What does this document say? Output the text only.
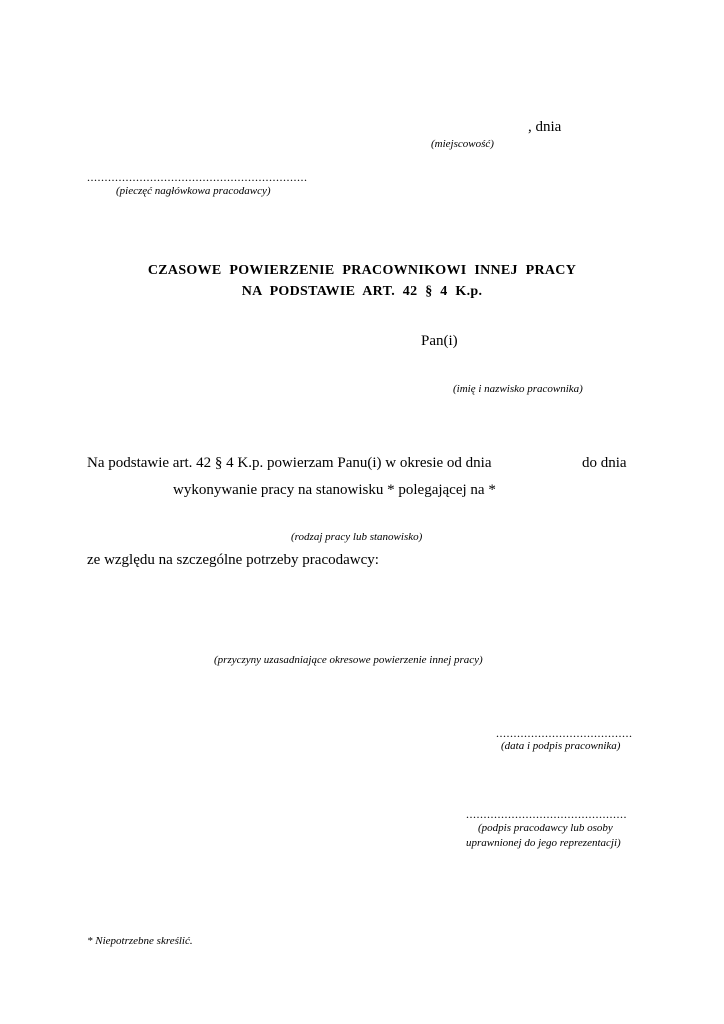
, dnia
(miejscowość)
...............................................................
(pieczęć nagłówkowa pracodawcy)
CZASOWE POWIERZENIE PRACOWNIKOWI INNEJ PRACY
NA PODSTAWIE ART. 42 § 4 K.p.
Pan(i)
(imię i nazwisko pracownika)
Na podstawie art. 42 § 4 K.p. powierzam Panu(i) w okresie od dnia	do dnia
wykonywanie pracy na stanowisku * polegającej na *
(rodzaj pracy lub stanowisko)
ze względu na szczególne potrzeby pracodawcy:
(przyczyny uzasadniające okresowe powierzenie innej pracy)
.......................................
(data i podpis pracownika)
..............................................
(podpis pracodawcy lub osoby
uprawnionej do jego reprezentacji)
* Niepotrzebne skreślić.
